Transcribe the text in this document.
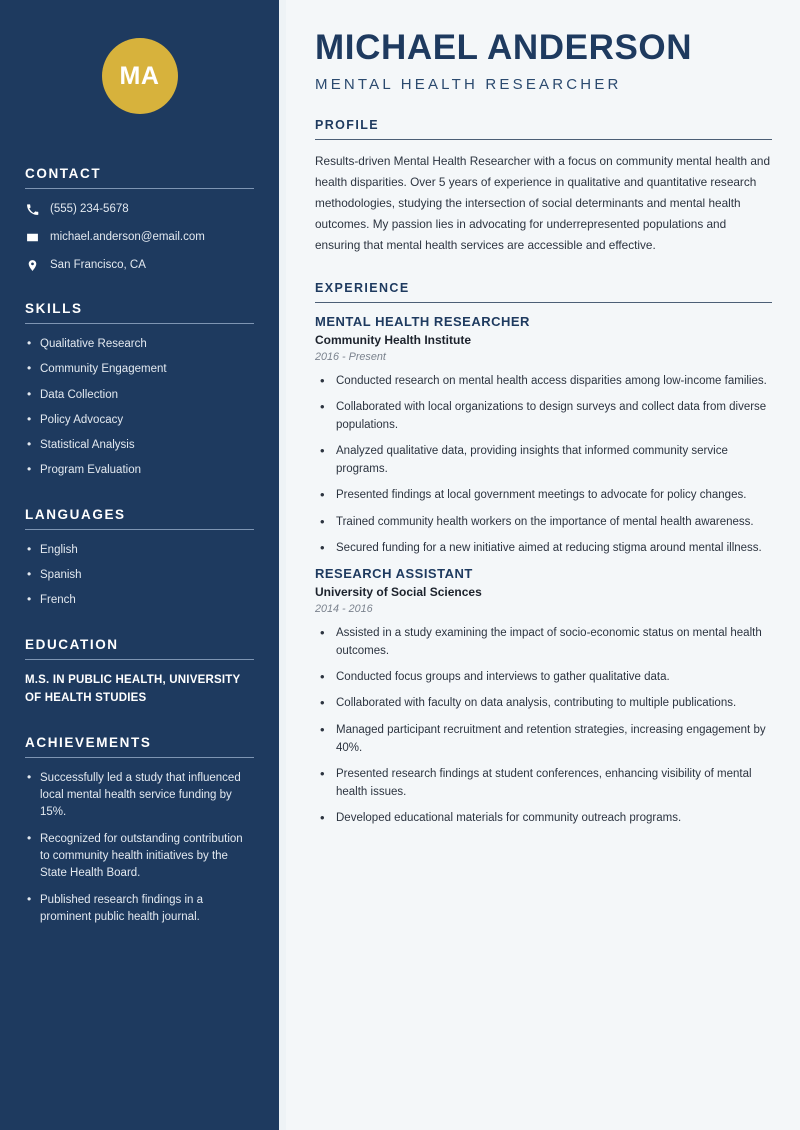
MA
CONTACT
(555) 234-5678
michael.anderson@email.com
San Francisco, CA
SKILLS
• Qualitative Research
• Community Engagement
• Data Collection
• Policy Advocacy
• Statistical Analysis
• Program Evaluation
LANGUAGES
• English
• Spanish
• French
EDUCATION
M.S. IN PUBLIC HEALTH, UNIVERSITY OF HEALTH STUDIES
ACHIEVEMENTS
• Successfully led a study that influenced local mental health service funding by 15%.
• Recognized for outstanding contribution to community health initiatives by the State Health Board.
• Published research findings in a prominent public health journal.
MICHAEL ANDERSON
MENTAL HEALTH RESEARCHER
PROFILE

Results-driven Mental Health Researcher with a focus on community mental health and health disparities. Over 5 years of experience in qualitative and quantitative research methodologies, studying the intersection of social determinants and mental health outcomes. My passion lies in advocating for underrepresented populations and ensuring that mental health services are accessible and effective.

EXPERIENCE
MENTAL HEALTH RESEARCHER
Community Health Institute
2016 - Present
• Conducted research on mental health access disparities among low-income families.
• Collaborated with local organizations to design surveys and collect data from diverse populations.
• Analyzed qualitative data, providing insights that informed community service programs.
• Presented findings at local government meetings to advocate for policy changes.
• Trained community health workers on the importance of mental health awareness.
• Secured funding for a new initiative aimed at reducing stigma around mental illness.
RESEARCH ASSISTANT
University of Social Sciences
2014 - 2016
• Assisted in a study examining the impact of socio-economic status on mental health outcomes.
• Conducted focus groups and interviews to gather qualitative data.
• Collaborated with faculty on data analysis, contributing to multiple publications.
• Managed participant recruitment and retention strategies, increasing engagement by 40%.
• Presented research findings at student conferences, enhancing visibility of mental health issues.
• Developed educational materials for community outreach programs.
